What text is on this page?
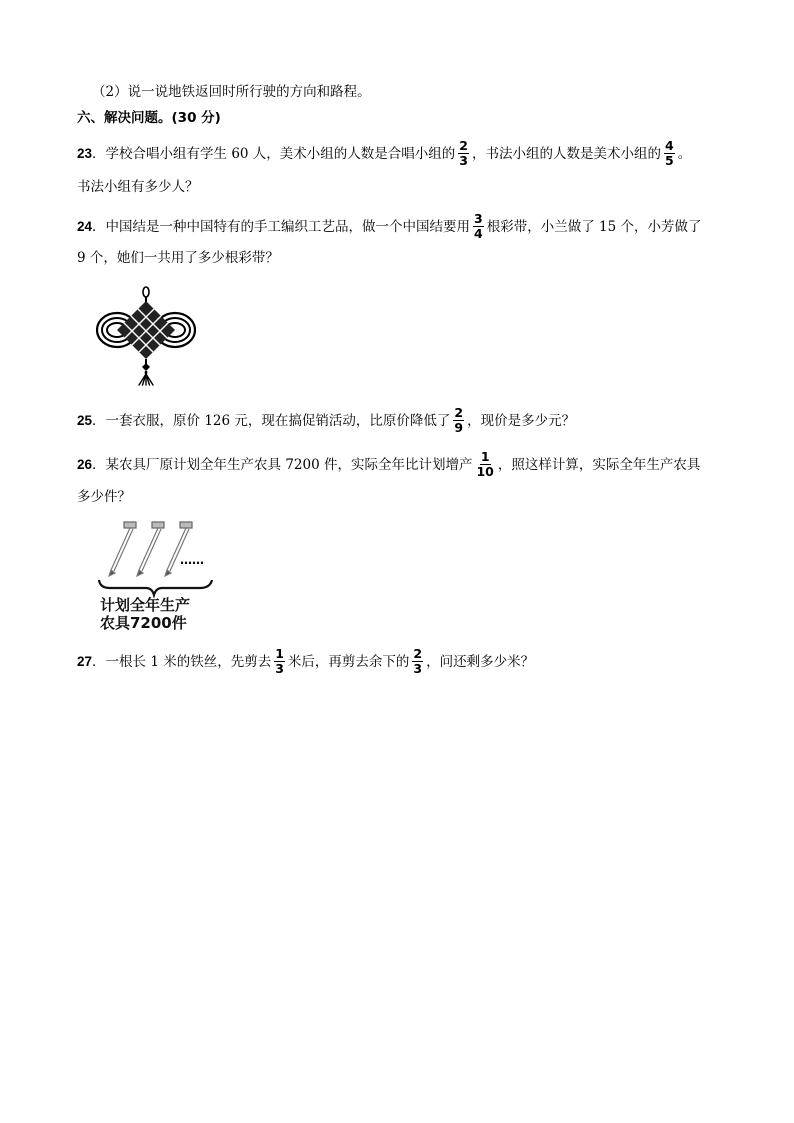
（2）说一说地铁返回时所行驶的方向和路程。
六、解决问题。(30 分)
23．学校合唱小组有学生 60 人，美术小组的人数是合唱小组的 $\frac{2}{3}$ ，书法小组的人数是美术小组的 $\frac{4}{5}$ 。
书法小组有多少人？
24．中国结是一种中国特有的手工编织工艺品，做一个中国结要用 $\frac{3}{4}$ 根彩带，小兰做了 15 个，小芳做了
9 个，她们一共用了多少根彩带？
25．一套衣服，原价 126 元，现在搞促销活动，比原价降低了 $\frac{2}{9}$ ，现价是多少元？
26．某农具厂原计划全年生产农具 7200 件，实际全年比计划增产 $\frac{1}{10}$ ，照这样计算，实际全年生产农具
多少件？
……
计划全年生产
农具7200件
27．一根长 1 米的铁丝，先剪去 $\frac{1}{3}$ 米后，再剪去余下的 $\frac{2}{3}$ ，问还剩多少米？
